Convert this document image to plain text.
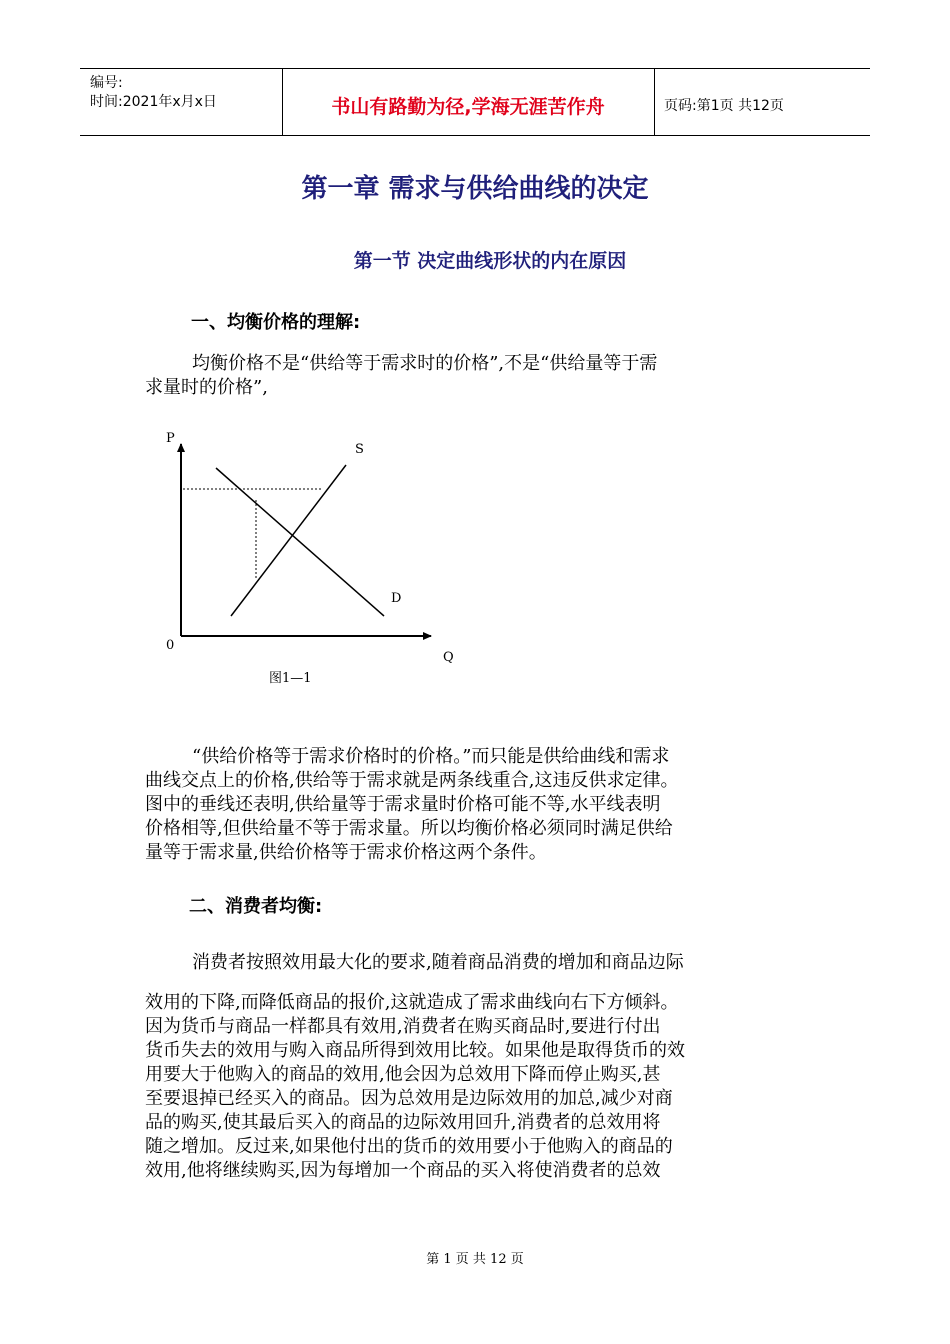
编号:
时间:2021年x月x日	书山有路勤为径,学海无涯苦作舟	页码:第1页 共12页
第一章 需求与供给曲线的决定
第一节 决定曲线形状的内在原因
一、均衡价格的理解:
均衡价格不是“供给等于需求时的价格”,不是“供给量等于需
求量时的价格”,
P
Q
0
S
D
图1—1
“供给价格等于需求价格时的价格。”而只能是供给曲线和需求
曲线交点上的价格,供给等于需求就是两条线重合,这违反供求定律。
图中的垂线还表明,供给量等于需求量时价格可能不等,水平线表明
价格相等,但供给量不等于需求量。所以均衡价格必须同时满足供给
量等于需求量,供给价格等于需求价格这两个条件。
二、消费者均衡:
消费者按照效用最大化的要求,随着商品消费的增加和商品边际
效用的下降,而降低商品的报价,这就造成了需求曲线向右下方倾斜。
因为货币与商品一样都具有效用,消费者在购买商品时,要进行付出
货币失去的效用与购入商品所得到效用比较。如果他是取得货币的效
用要大于他购入的商品的效用,他会因为总效用下降而停止购买,甚
至要退掉已经买入的商品。因为总效用是边际效用的加总,减少对商
品的购买,使其最后买入的商品的边际效用回升,消费者的总效用将
随之增加。反过来,如果他付出的货币的效用要小于他购入的商品的
效用,他将继续购买,因为每增加一个商品的买入将使消费者的总效
第 1 页 共 12 页
